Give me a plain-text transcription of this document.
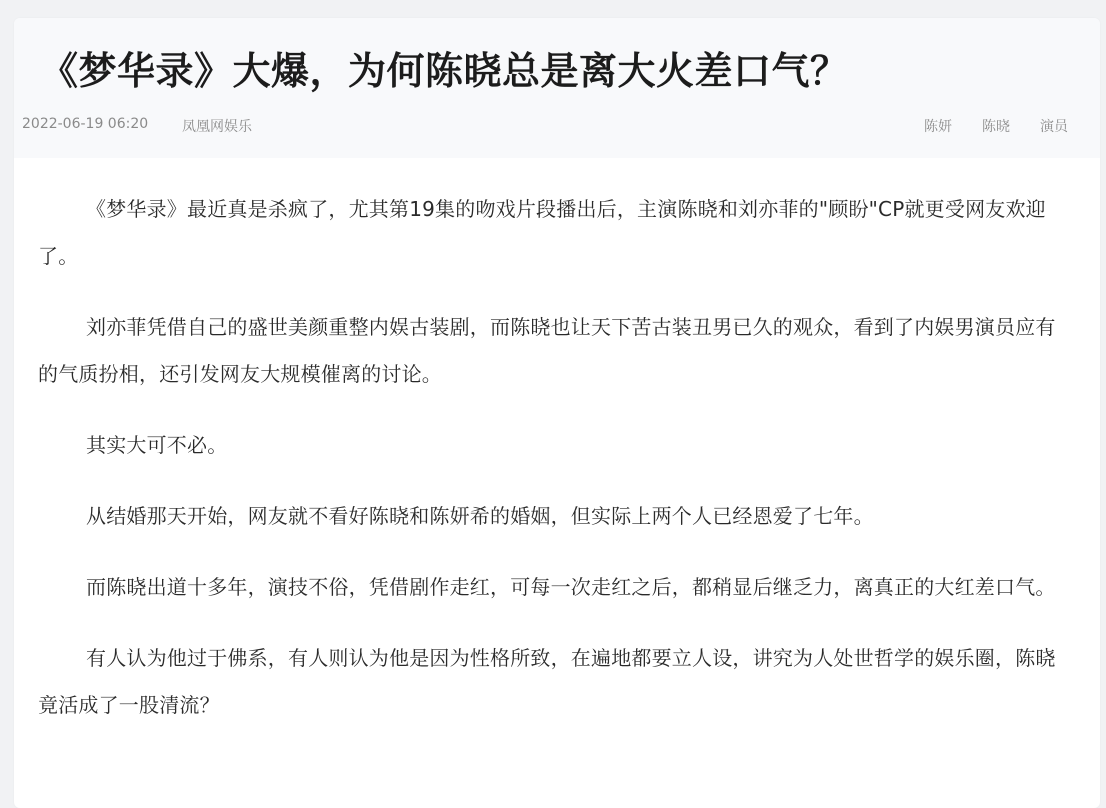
《梦华录》大爆，为何陈晓总是离大火差口气？
2022-06-19 06:20 凤凰网娱乐	陈妍 陈晓 演员

《梦华录》最近真是杀疯了，尤其第19集的吻戏片段播出后，主演陈晓和刘亦菲的"顾盼"CP就更受网友欢迎了。

刘亦菲凭借自己的盛世美颜重整内娱古装剧，而陈晓也让天下苦古装丑男已久的观众，看到了内娱男演员应有的气质扮相，还引发网友大规模催离的讨论。

其实大可不必。

从结婚那天开始，网友就不看好陈晓和陈妍希的婚姻，但实际上两个人已经恩爱了七年。

而陈晓出道十多年，演技不俗，凭借剧作走红，可每一次走红之后，都稍显后继乏力，离真正的大红差口气。

有人认为他过于佛系，有人则认为他是因为性格所致，在遍地都要立人设，讲究为人处世哲学的娱乐圈，陈晓竟活成了一股清流？
